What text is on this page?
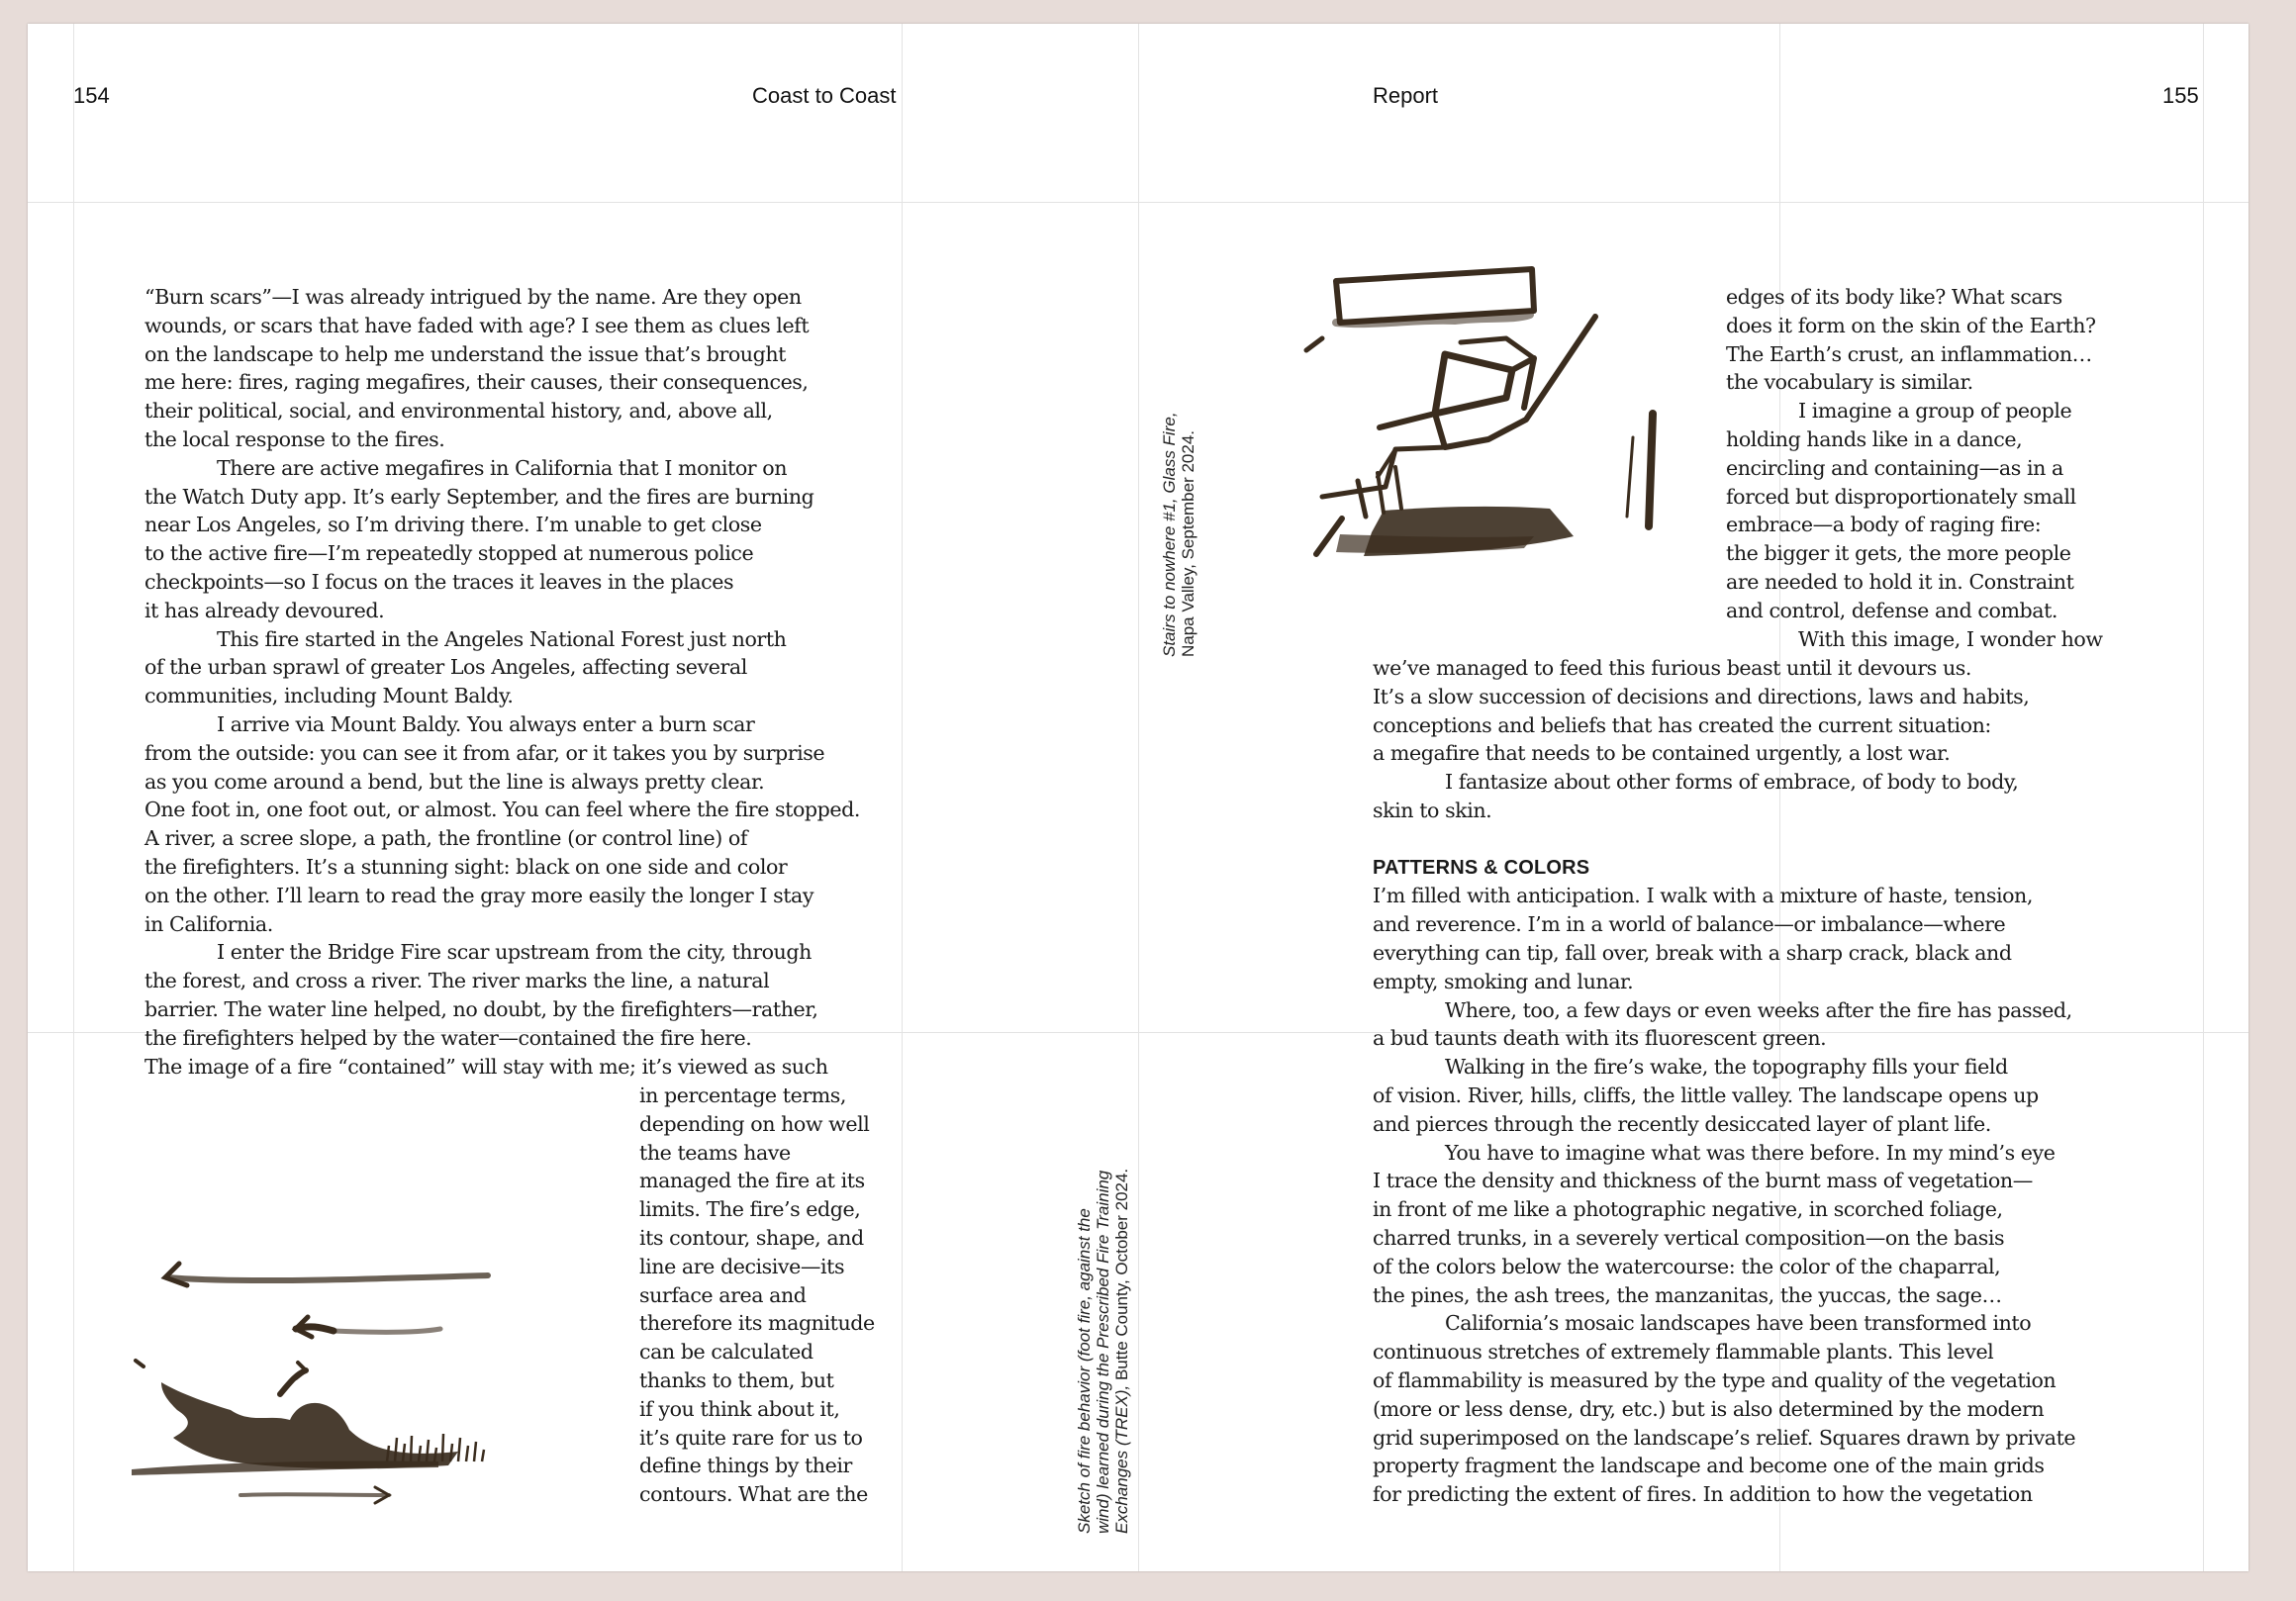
154	Coast to Coast	Report	155
“Burn scars”—I was already intrigued by the name. Are they open
wounds, or scars that have faded with age? I see them as clues left
on the landscape to help me understand the issue that’s brought
me here: fires, raging megafires, their causes, their consequences,
their political, social, and environmental history, and, above all,
the local response to the fires.
There are active megafires in California that I monitor on
the Watch Duty app. It’s early September, and the fires are burning
near Los Angeles, so I’m driving there. I’m unable to get close
to the active fire—I’m repeatedly stopped at numerous police
checkpoints—so I focus on the traces it leaves in the places
it has already devoured.
This fire started in the Angeles National Forest just north
of the urban sprawl of greater Los Angeles, affecting several
communities, including Mount Baldy.
I arrive via Mount Baldy. You always enter a burn scar
from the outside: you can see it from afar, or it takes you by surprise
as you come around a bend, but the line is always pretty clear.
One foot in, one foot out, or almost. You can feel where the fire stopped.
A river, a scree slope, a path, the frontline (or control line) of
the firefighters. It’s a stunning sight: black on one side and color
on the other. I’ll learn to read the gray more easily the longer I stay
in California.
I enter the Bridge Fire scar upstream from the city, through
the forest, and cross a river. The river marks the line, a natural
barrier. The water line helped, no doubt, by the firefighters—rather,
the firefighters helped by the water—contained the fire here.
The image of a fire “contained” will stay with me; it’s viewed as such
in percentage terms,
depending on how well
the teams have
managed the fire at its
limits. The fire’s edge,
its contour, shape, and
line are decisive—its
surface area and
therefore its magnitude
can be calculated
thanks to them, but
if you think about it,
it’s quite rare for us to
define things by their
contours. What are the
Stairs to nowhere #1, Glass Fire, Napa Valley, September 2024.
Sketch of fire behavior (foot fire, against the wind) learned during the Prescribed Fire Training Exchanges (TREX), Butte County, October 2024.
edges of its body like? What scars
does it form on the skin of the Earth?
The Earth’s crust, an inflammation…
the vocabulary is similar.
I imagine a group of people
holding hands like in a dance,
encircling and containing—as in a
forced but disproportionately small
embrace—a body of raging fire:
the bigger it gets, the more people
are needed to hold it in. Constraint
and control, defense and combat.
With this image, I wonder how
we’ve managed to feed this furious beast until it devours us.
It’s a slow succession of decisions and directions, laws and habits,
conceptions and beliefs that has created the current situation:
a megafire that needs to be contained urgently, a lost war.
I fantasize about other forms of embrace, of body to body,
skin to skin.
PATTERNS & COLORS
I’m filled with anticipation. I walk with a mixture of haste, tension,
and reverence. I’m in a world of balance—or imbalance—where
everything can tip, fall over, break with a sharp crack, black and
empty, smoking and lunar.
Where, too, a few days or even weeks after the fire has passed,
a bud taunts death with its fluorescent green.
Walking in the fire’s wake, the topography fills your field
of vision. River, hills, cliffs, the little valley. The landscape opens up
and pierces through the recently desiccated layer of plant life.
You have to imagine what was there before. In my mind’s eye
I trace the density and thickness of the burnt mass of vegetation—
in front of me like a photographic negative, in scorched foliage,
charred trunks, in a severely vertical composition—on the basis
of the colors below the watercourse: the color of the chaparral,
the pines, the ash trees, the manzanitas, the yuccas, the sage…
California’s mosaic landscapes have been transformed into
continuous stretches of extremely flammable plants. This level
of flammability is measured by the type and quality of the vegetation
(more or less dense, dry, etc.) but is also determined by the modern
grid superimposed on the landscape’s relief. Squares drawn by private
property fragment the landscape and become one of the main grids
for predicting the extent of fires. In addition to how the vegetation
